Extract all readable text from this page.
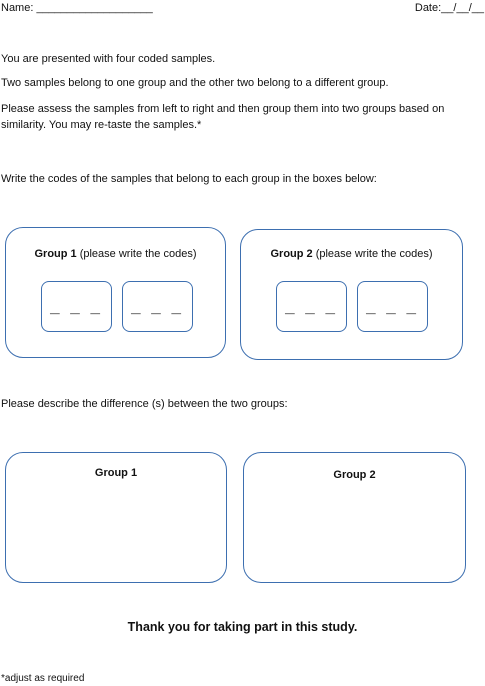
Name: ___________________	Date:__/__/__
You are presented with four coded samples.
Two samples belong to one group and the other two belong to a different group.
Please assess the samples from left to right and then group them into two groups based on similarity. You may re-taste the samples.*
Write the codes of the samples that belong to each group in the boxes below:
Group 1 (please write the codes)
_ _ _	_ _ _
Group 2 (please write the codes)
_ _ _	_ _ _
Please describe the difference (s) between the two groups:
Group 1	Group 2
Thank you for taking part in this study.
*adjust as required
